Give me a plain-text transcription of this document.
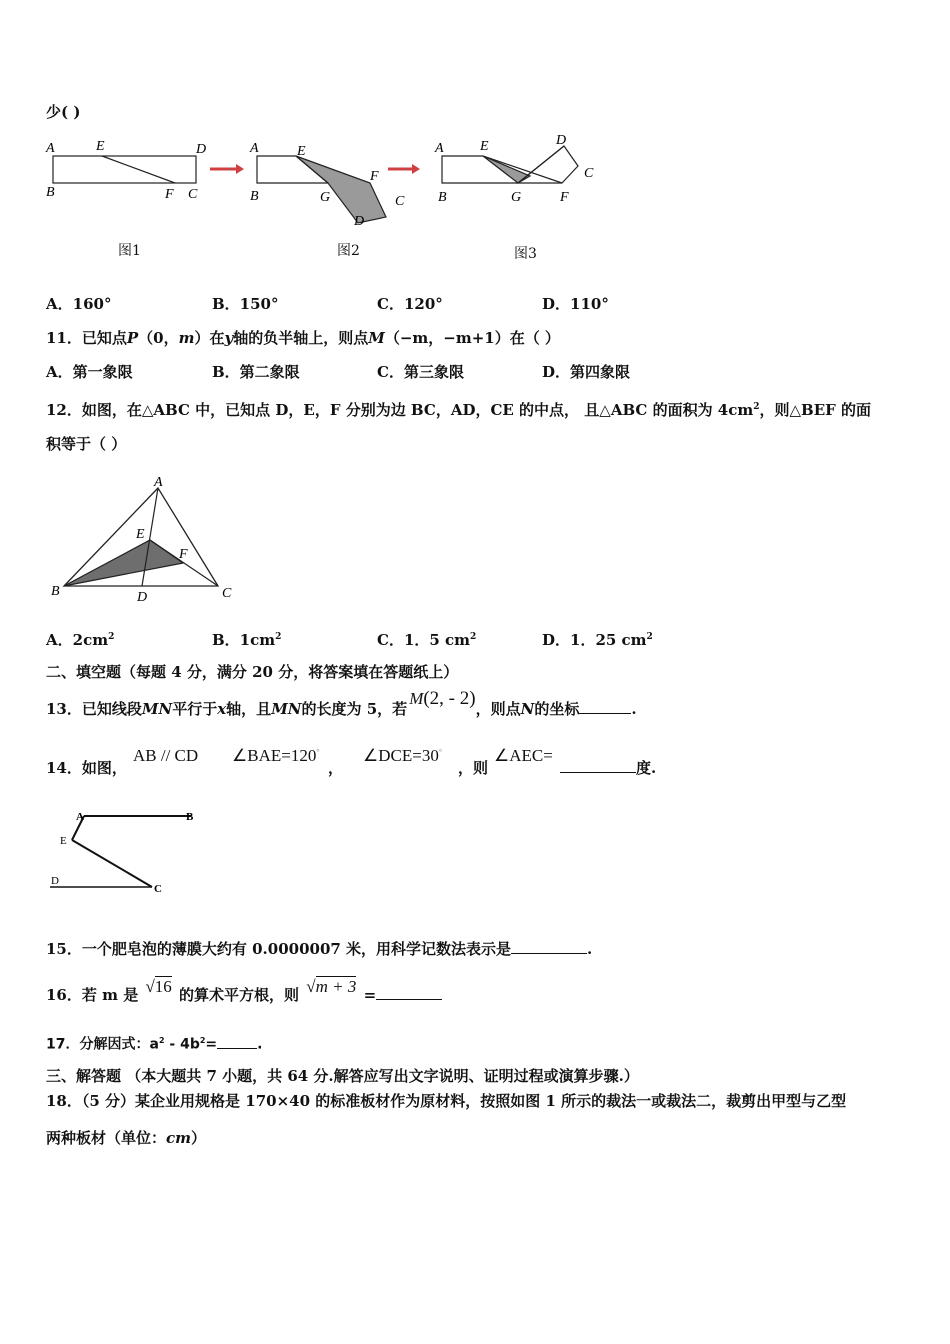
少( )
A	E	D
B	F C
A	E
F
B	G	C
D
A	E	D
C
B	G	F
图1	图2	图3
A．160°	B．150°	C．120°	D．110°
11．已知点P（0，m）在y轴的负半轴上，则点M（−m，−m+1）在（ ）
A．第一象限	B．第二象限	C．第三象限	D．第四象限
12．如图，在△ABC 中，已知点 D，E，F 分别为边 BC，AD，CE 的中点， 且△ABC 的面积为 $4cm^2$，则△BEF 的面
积等于（ ）
A
B	C
D
E
F
A．$2cm^2$	B．$1cm^2$	C．1．5 $cm^2$	D．1．25 $cm^2$
二、填空题（每题 4 分，满分 20 分，将答案填在答题纸上）
13．已知线段MN平行于x轴，且MN的长度为 5，若M(2, - 2)，则点N的坐标	.
14．如图，
AB // CD ∠BAE=120°
，
∠DCE=30°
，则
∠AEC=
度.
A	B
E
D
C
15．一个肥皂泡的薄膜大约有 0.0000007 米，用科学记数法表示是	.
16．若 m 是 √16 的算术平方根，则 √m + 3 =
17．分解因式：$a^2 - 4b^2=$	.
三、解答题 （本大题共 7 小题，共 64 分.解答应写出文字说明、证明过程或演算步骤.）
18．（5 分）某企业用规格是 170×40 的标准板材作为原材料，按照如图 1 所示的裁法一或裁法二，裁剪出甲型与乙型
两种板材（单位：cm）
